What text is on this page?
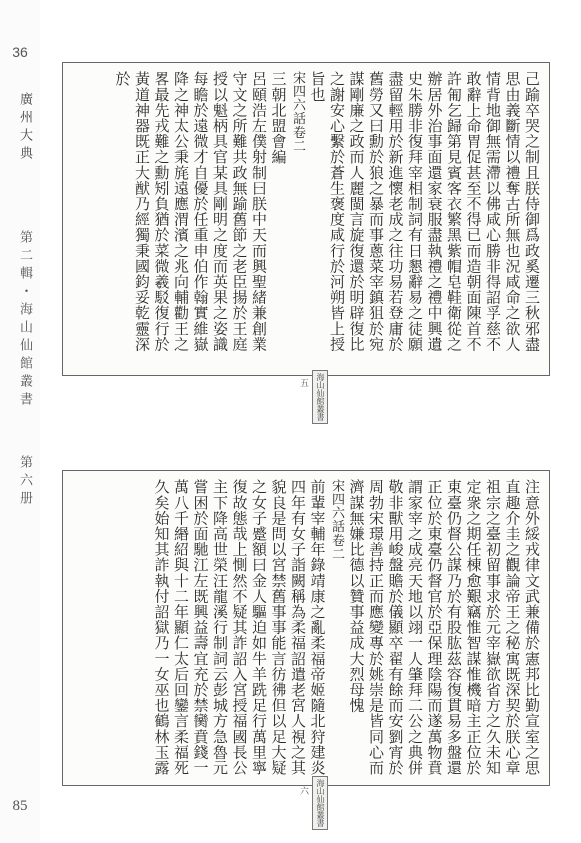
36
廣州大典
第二輯・海山仙館叢書
第六册
85
己踰卒哭之制且朕侍御爲政奚遷三秋邪盡思由義斷情以禮奪古所無也況咸命之欲人情背地御無需滯以佛咸心勝非得詔孚慈不敢辭上命胃促甚至不得已而造朝面陳首不許匍乞歸第見賓客衣繁黑紫帽皂鞋衛從之辦居外治事面還家衰服盡執禮之禮中興遺史朱勝非復拜宰相制詞有日懇辭易之徒願盡留輕用於新進懷老成之往功易若登庸於舊勞又曰勳於狼之暴而事蔥菜宰鎮狙於宛謀剛廉之政而人麗閩言旋復還於明辟復比之謝安心繫於蒼生褒度咸行於河朔皆上授旨也
宋四六話卷二
三朝北盟會編
呂頤浩左僕射制曰朕中天而興聖緒兼創業守文之所難共政無踰舊節之老臣揚於王庭授以魁柄具官某具剛明之度而英果之姿識每瞻於遠微才自優於任重申伯作翰實維嶽降之神太公秉旄遠應渭濱之兆向輔勸王之畧最先戎難之勳矧負猶於菜微羲駁復行於黃道神器既正大猷乃經獨秉國鈞妥乾靈深於
五 海山仙館叢書
注意外綏戎律文武兼備於憲邦比勤宣室之思直趣介圭之觀論帝王之秘寓既深契於朕心章祖宗之臺初留事求於元宰嶽欲省方之久未知定衆之期任棟愈艱竊惟智謀惟機暗主正位於東臺仍督公謀乃於有股肱茲容復貫易多盤還正位於東臺仍督官於亞保理陰陽而遂萬物賁謂家宰之成亮天地以翊一人肇拜二公之典併敬非獸用峻盤贍於儀顯卒翟有餘而安劉宵於周勃宋璟善持正而應變專於姚崇是皆同心而濟謀無嫌比德以贊事益成大烈母愧
宋四六話卷二
前輩宰輔年錄靖康之亂柔福帝姬隨北狩建炎四年有女子詣闕稱為柔福詔遣老宮人視之其貌良是問以宮禁舊事事能言彷彿但以足大疑之女子蹙額曰金人驅迫如牛羊跣足行萬里寧復故態哉上惻然不疑其詐詔入宮授福國長公主下降高世榮汪龍溪行制詞云彭城方急魯元嘗困於面馳江左既興益壽宜充於禁臠賁錢一萬八千緡紹與十二年顯仁太后回鑾言柔福死久矣始知其詐執付詔獄乃一女巫也鶴林玉露
六 海山仙館叢書
